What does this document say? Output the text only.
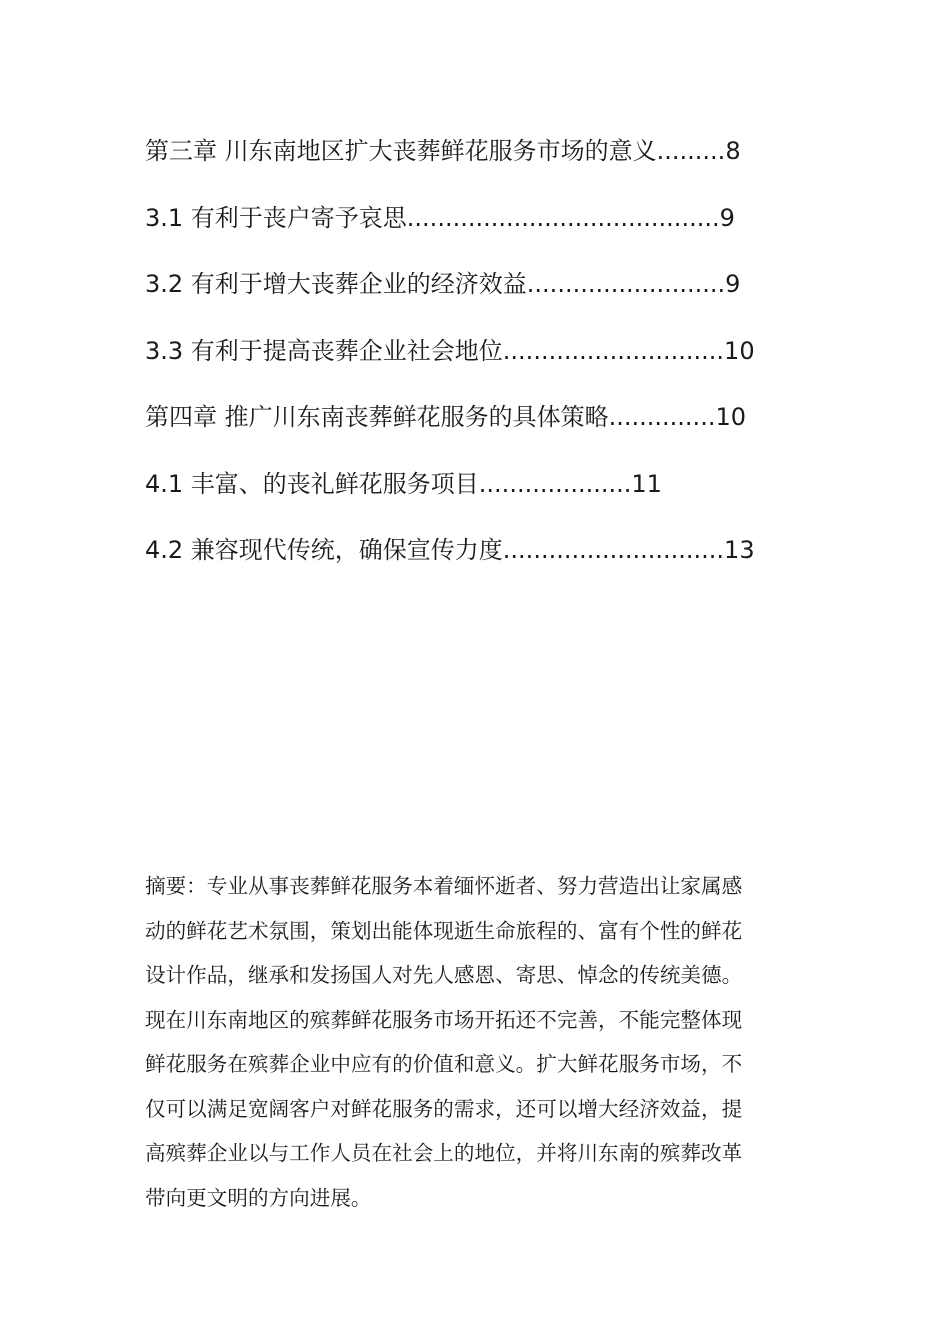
第三章 川东南地区扩大丧葬鲜花服务市场的意义.........8
3.1 有利于丧户寄予哀思.........................................9
3.2 有利于增大丧葬企业的经济效益..........................9
3.3 有利于提高丧葬企业社会地位.............................10
第四章 推广川东南丧葬鲜花服务的具体策略..............10
4.1 丰富、的丧礼鲜花服务项目....................11
4.2 兼容现代传统，确保宣传力度.............................13
摘要：专业从事丧葬鲜花服务本着缅怀逝者、努力营造出让家属感
动的鲜花艺术氛围，策划出能体现逝生命旅程的、富有个性的鲜花
设计作品，继承和发扬国人对先人感恩、寄思、悼念的传统美德。
现在川东南地区的殡葬鲜花服务市场开拓还不完善，不能完整体现
鲜花服务在殡葬企业中应有的价值和意义。扩大鲜花服务市场，不
仅可以满足宽阔客户对鲜花服务的需求，还可以增大经济效益，提
高殡葬企业以与工作人员在社会上的地位，并将川东南的殡葬改革
带向更文明的方向进展。
